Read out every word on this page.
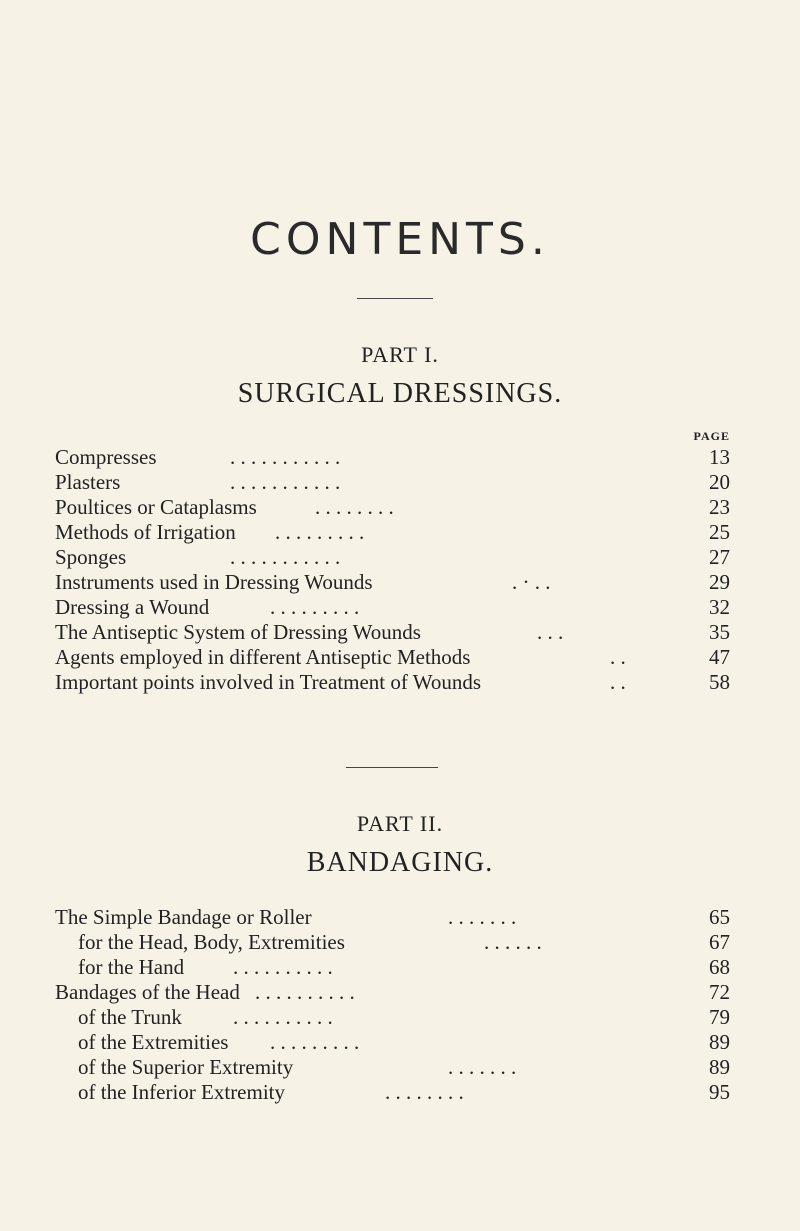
CONTENTS.
PART I.
SURGICAL DRESSINGS.
PAGE
Compresses	. . . . . . . . . . .	13
Plasters	. . . . . . . . . . .	20
Poultices or Cataplasms	. . . . . . . .	23
Methods of Irrigation . . . . . . . . .	25
Sponges	. . . . . . . . . . .	27
Instruments used in Dressing Wounds	. · . .	29
Dressing a Wound	. . . . . . . . .	32
The Antiseptic System of Dressing Wounds	. . .	35
Agents employed in different Antiseptic Methods	. .	47
Important points involved in Treatment of Wounds	. .	58
PART II.
BANDAGING.
The Simple Bandage or Roller	. . . . . . .	65
for the Head, Body, Extremities	. . . . . .	67
for the Hand . . . . . . . . . .	68
Bandages of the Head . . . . . . . . . .	72
of the Trunk . . . . . . . . . .	79
of the Extremities . . . . . . . . .	89
of the Superior Extremity	. . . . . . .	89
of the Inferior Extremity	. . . . . . . .	95
